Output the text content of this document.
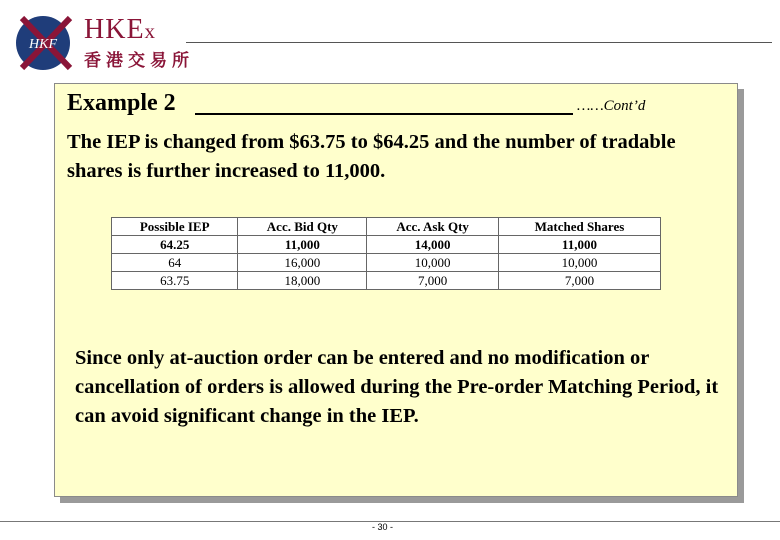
HKF HKEx
香港交易所
Example 2	……Cont’d
The IEP is changed from $63.75 to $64.25 and the number of tradable shares is further increased to 11,000.
Possible IEP	Acc. Bid Qty	Acc. Ask Qty	Matched Shares
64.25	11,000	14,000	11,000
64	16,000	10,000	10,000
63.75	18,000	7,000	7,000
Since only at-auction order can be entered and no modification or cancellation of orders is allowed during the Pre-order Matching Period, it can avoid significant change in the IEP.
- 30 -
